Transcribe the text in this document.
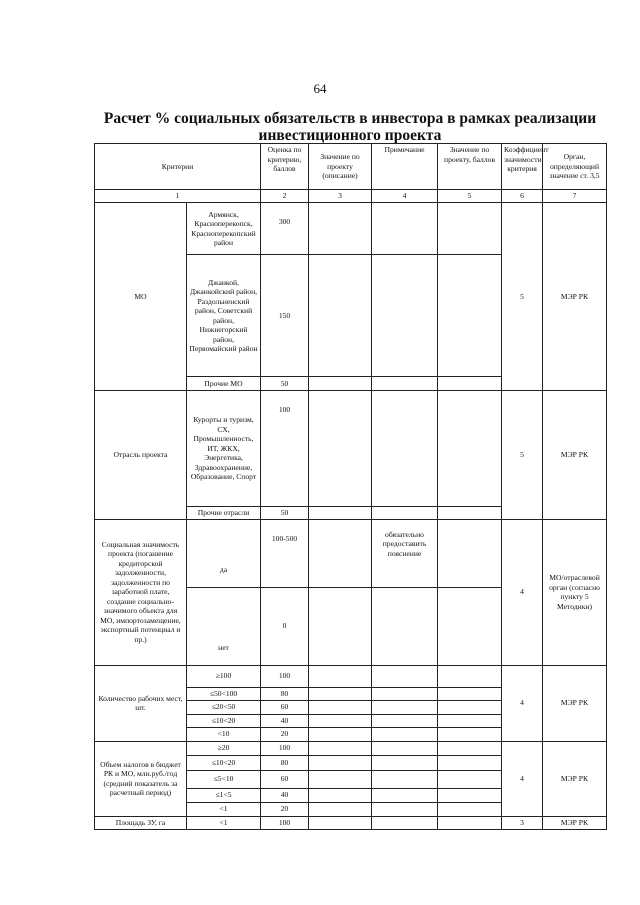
64
Расчет % социальных обязательств в инвестора в рамках реализации
инвестиционного проекта
Критерии		Оценка по критерию, баллов	Значение по проекту (описание)	Примечание	Значение по проекту, баллов	Коэффициент значимости критерия	Орган, определяющий значение ст. 3,5
1		2	3	4	5	6	7
МО	Армянск, Красноперекопск, Красноперекопский район	300				5	МЭР РК
	Джанкой, Джанкойский район, Раздольненский район, Советский район, Нижнегорский район, Первомайский район	150					
	Прочие МО	50					
Отрасль проекта	Курорты и туризм, СХ, Промышленность, ИТ, ЖКХ, Энергетика, Здравоохранение, Образование, Спорт	100				5	МЭР РК
	Прочие отрасли	50					
Социальная значимость проекта (погашение кредиторской задолженности, задолженности по заработной плате, создание социально-значимого объекта для МО, импортозамещение, экспортный потенциал и пр.)	да	100-500		обязательно предоставить пояснение		4	МО/отраслевой орган (согласно пункту 5 Методики)
	нет	0					
Количество рабочих мест, шт.	≥100	100				4	МЭР РК
	≤50<100	80					
	≤20<50	60					
	≤10<20	40					
	<10	20					
Объем налогов в бюджет РК и МО, млн.руб./год (средний показатель за расчетный период)	≥20	100				4	МЭР РК
	≤10<20	80					
	≤5<10	60					
	≤1<5	40					
	<1	20					
Площадь ЗУ, га	<1	100				3	МЭР РК
